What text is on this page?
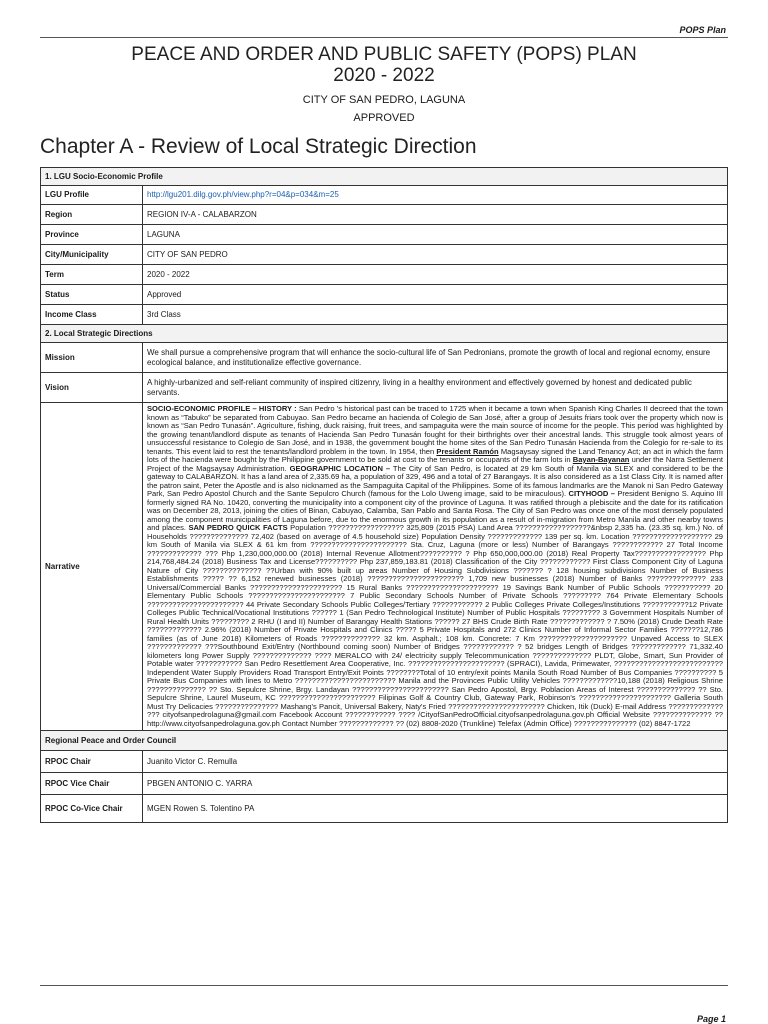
POPS Plan
PEACE AND ORDER AND PUBLIC SAFETY (POPS) PLAN
2020 - 2022
CITY OF SAN PEDRO, LAGUNA
APPROVED
Chapter A - Review of Local Strategic Direction
1. LGU Socio-Economic Profile	
LGU Profile	http://lgu201.dilg.gov.ph/view.php?r=04&p=034&m=25
Region	REGION IV-A - CALABARZON
Province	LAGUNA
City/Municipality	CITY OF SAN PEDRO
Term	2020 - 2022
Status	Approved
Income Class	3rd Class
2. Local Strategic Directions	
Mission	We shall pursue a comprehensive program that will enhance the socio-cultural life of San Pedronians, promote the growth of local and regional ecnomy, ensure ecological balance, and institutionalize effective governance.
Vision	A highly-urbanized and self-reliant community of inspired citizenry, living in a healthy environment and effectively governed by honest and dedicated public servants.
Narrative	SOCIO-ECONOMIC PROFILE – HISTORY : San Pedro 's historical past can be traced to 1725 when it became a town when Spanish King Charles II decreed that the town known as “Tabuko” be separated from Cabuyao. San Pedro became an hacienda of Colegio de San José, after a group of Jesuits friars took over the property which now is known as “San Pedro Tunasán”. Agriculture, fishing, duck raising, fruit trees, and sampaguita were the main source of income for the people. This period was highlighted by the growing tenant/landlord dispute as tenants of Hacienda San Pedro Tunasán fought for their birthrights over their ancestral lands. This struggle took almost years of unsuccessful resistance to Colegio de San José, and in 1938, the government bought the home sites of the San Pedro Tunasán Hacienda from the Colegio for re-sale to its tenants. This event laid to rest the tenants/landlord problem in the town. In 1954, then President Ramón Magsaysay signed the Land Tenancy Act; an act in which the farm lots of the hacienda were bought by the Philippine government to be sold at cost to the tenants or occupants of the farm lots in Bayan-Bayanan under the Narra Settlement Project of the Magsaysay Administration. GEOGRAPHIC LOCATION – The City of San Pedro, is located at 29 km South of Manila via SLEX and considered to be the gateway to CALABARZON. It has a land area of 2,335.69 ha, a population of 329, 496 and a total of 27 Barangays. It is also considered as a 1st Class City. It is named after the patron saint, Peter the Apostle and is also nicknamed as the Sampaguita Capital of the Philippines. Some of its famous landmarks are the Manok ni San Pedro Gateway Park, San Pedro Apostol Church and the Sante Sepulcro Church (famous for the Lolo Uweng image, said to be miraculous). CITYHOOD – President Benigno S. Aquino III formerly signed RA No. 10420, converting the municipality into a component city of the province of Laguna. It was ratified through a plebiscite and the date for its ratification was on December 28, 2013, joining the cities of Binan, Cabuyao, Calamba, San Pablo and Santa Rosa. The City of San Pedro was once one of the most densely populated among the component municipalities of Laguna before, due to the enormous growth in its population as a result of in-migration from Metro Manila and other nearby towns and places. SAN PEDRO QUICK FACTS Population ?????????????????? 325,809 (2015 PSA) Land Area ??????????????????&nbsp 2,335 ha. (23.35 sq. km.) No. of Households ?????????????? 72,402 (based on average of 4.5 household size) Population Density ????????????? 139 per sq. km. Location ??????????????????? 29 km South of Manila via SLEX & 61 km from ??????????????????????? Sta. Cruz, Laguna (more or less) Number of Barangays ???????????? 27 Total Income ????????????? ??? Php 1,230,000,000.00 (2018) Internal Revenue Allotment?????????? ? Php 650,000,000.00 (2018) Real Property Tax????????????????? Php 214,768,484.24 (2018) Business Tax and License?????????? Php 237,859,183.81 (2018) Classification of the City ???????????? First Class Component City of Laguna Nature of City ?????????????? ??Urban with 90% built up areas Number of Housing Subdivisions ??????? ? 128 housing subdivisions Number of Business Establishments ????? ?? 6,152 renewed businesses (2018) ??????????????????????? 1,709 new businesses (2018) Number of Banks ?????????????? 233 Universal/Commercial Banks ?????????????????????? 15 Rural Banks ?????????????????????? 19 Savings Bank Number of Public Schools ??????????? 20 Elementary Public Schools ??????????????????????? 7 Public Secondary Schools Number of Private Schools ????????? 764 Private Elementary Schools ??????????????????????? 44 Private Secondary Schools Public Colleges/Tertiary ???????????? 2 Public Colleges Private Colleges/Institutions ???????????12 Private Colleges Public Technical/Vocational Institutions ?????? 1 (San Pedro Technological Institute) Number of Public Hospitals ????????? 3 Government Hospitals Number of Rural Health Units ????????? 2 RHU (I and II) Number of Barangay Health Stations ?????? 27 BHS Crude Birth Rate ????????????? ? 7.50% (2018) Crude Death Rate ????????????? 2.96% (2018) Number of Private Hospitals and Clinics ????? 5 Private Hospitals and 272 Clinics Number of Informal Sector Families ???????12,786 families (as of June 2018) Kilometers of Roads ?????????????? 32 km. Asphalt.; 108 km. Concrete: 7 Km ????????????????????? Unpaved Access to SLEX ????????????? ???Southbound Exit/Entry (Northbound coming soon) Number of Bridges ???????????? ? 52 bridges Length of Bridges ????????????? 71,332.40 kilometers long Power Supply ?????????????? ???? MERALCO with 24/ electricity supply Telecommunication ?????????????? PLDT, Globe, Smart, Sun Provider of Potable water ??????????? San Pedro Resettlement Area Cooperative, Inc. ??????????????????????? (SPRACI), Lavida, Primewater, ?????????????????????????? Independent Water Supply Providers Road Transport Entry/Exit Points ????????Total of 10 entry/exit points Manila South Road Number of Bus Companies ?????????? 5 Private Bus Companies with lines to Metro ???????????????????????? Manila and the Provinces Public Utility Vehicles ?????????????10,188 (2018) Religious Shrine ?????????????? ?? Sto. Sepulcre Shrine, Brgy. Landayan ??????????????????????? San Pedro Apostol, Brgy. Poblacion Areas of Interest ?????????????? ?? Sto. Sepulcre Shrine, Laurel Museum, KC ??????????????????????? Filipinas Golf & Country Club, Gateway Park, Robinson's ?????????????????????? Galleria South Must Try Delicacies ??????????????? Mashang's Pancit, Universal Bakery, Naty's Fried ??????????????????????? Chicken, Itik (Duck) E-mail Address ????????????? ??? cityofsanpedrolaguna@gmail.com Facebook Account ???????????? ???? /CityofSanPedroOfficial.cityofsanpedrolaguna.gov.ph Official Website ?????????????? ?? http://www.cityofsanpedrolaguna.gov.ph Contact Number ????????????? ?? (02) 8808-2020 (Trunkline) Telefax (Admin Office) ??????????????? (02) 8847-1722
Regional Peace and Order Council	
RPOC Chair	Juanito Victor C. Remulla
RPOC Vice Chair	PBGEN ANTONIO C. YARRA
RPOC Co-Vice Chair	MGEN Rowen S. Tolentino PA
Page 1
